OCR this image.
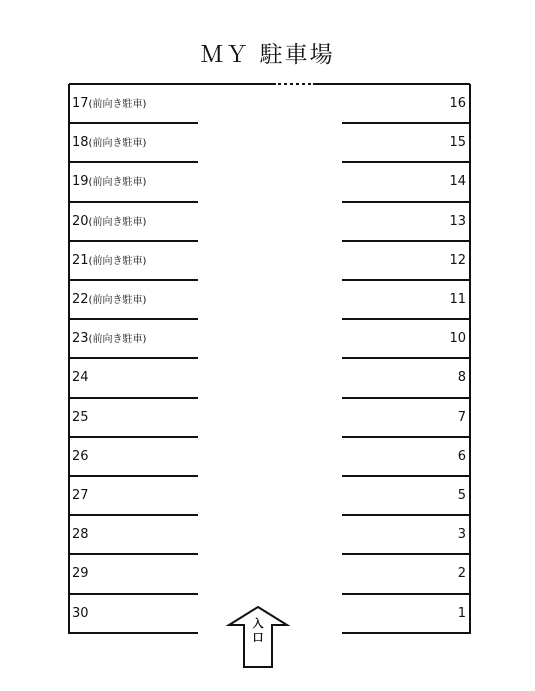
ＭＹ 駐車場
17(前向き駐車)
18(前向き駐車)
19(前向き駐車)
20(前向き駐車)
21(前向き駐車)
22(前向き駐車)
23(前向き駐車)
24
25
26
27
28
29
30
16
15
14
13
12
11
10
8
7
6
5
3
2
1
入
口
